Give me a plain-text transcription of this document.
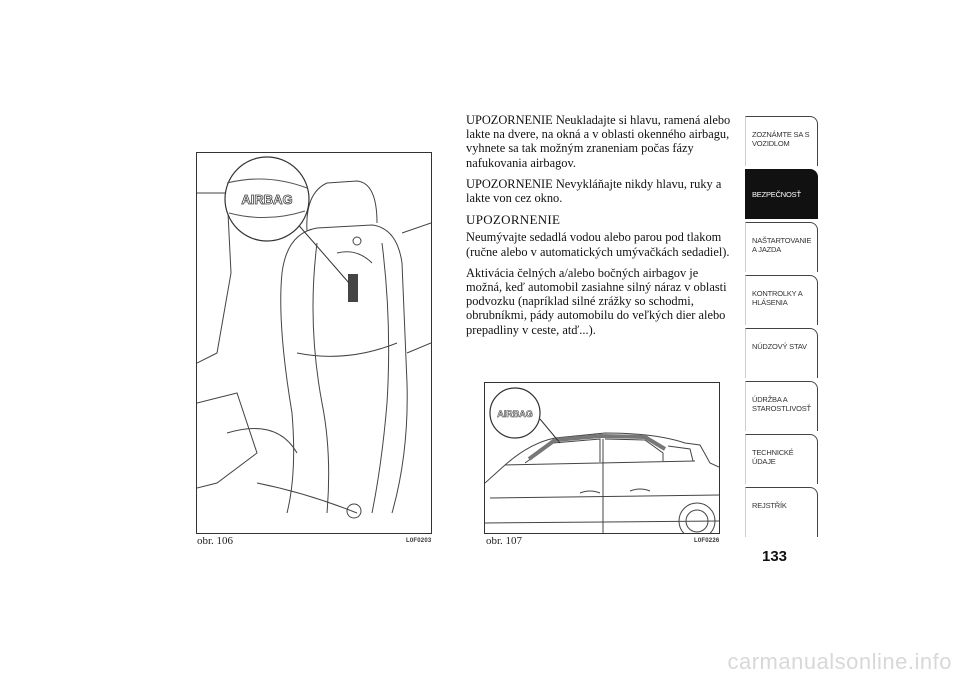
AIRBAG
obr. 106	L0F0203
AIRBAG
obr. 107	L0F0226

UPOZORNENIE Neukladajte si hlavu, ramená alebo lakte na dvere, na okná a v oblasti okenného airbagu, vyhnete sa tak možným zraneniam počas fázy nafukovania airbagov.

UPOZORNENIE Nevykláňajte nikdy hlavu, ruky a lakte von cez okno.

UPOZORNENIE

Neumývajte sedadlá vodou alebo parou pod tlakom (ručne alebo v automatických umývačkách sedadiel).

Aktivácia čelných a/alebo bočných airbagov je možná, keď automobil zasiahne silný náraz v oblasti podvozku (napríklad silné zrážky so schodmi, obrubníkmi, pády automobilu do veľkých dier alebo prepadliny v ceste, atď...).

ZOZNÁMTE SA S VOZIDLOM
BEZPEČNOSŤ
NAŠTARTOVANIE A JAZDA
KONTROLKY A HLÁSENIA
NÚDZOVÝ STAV
ÚDRŽBA A STAROSTLIVOSŤ
TECHNICKÉ ÚDAJE
REJSTŘÍK
133
carmanualsonline.info
